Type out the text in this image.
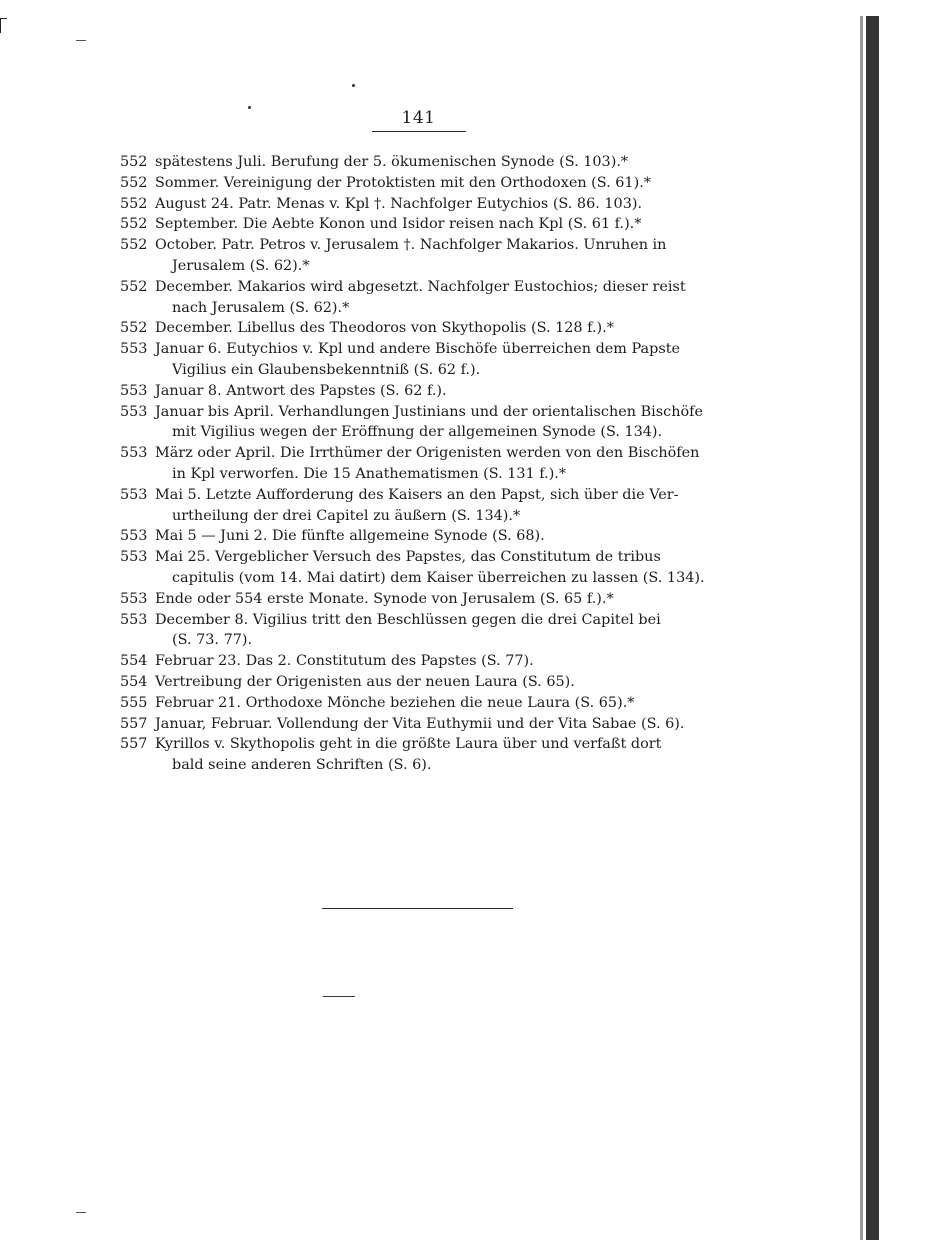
141
552 spätestens Juli. Berufung der 5. ökumenischen Synode (S. 103).*
552 Sommer. Vereinigung der Protoktisten mit den Orthodoxen (S. 61).*
552 August 24. Patr. Menas v. Kpl †. Nachfolger Eutychios (S. 86. 103).
552 September. Die Aebte Konon und Isidor reisen nach Kpl (S. 61 f.).*
552 October. Patr. Petros v. Jerusalem †. Nachfolger Makarios. Unruhen in
Jerusalem (S. 62).*
552 December. Makarios wird abgesetzt. Nachfolger Eustochios; dieser reist
nach Jerusalem (S. 62).*
552 December. Libellus des Theodoros von Skythopolis (S. 128 f.).*
553 Januar 6. Eutychios v. Kpl und andere Bischöfe überreichen dem Papste
Vigilius ein Glaubensbekenntniß (S. 62 f.).
553 Januar 8. Antwort des Papstes (S. 62 f.).
553 Januar bis April. Verhandlungen Justinians und der orientalischen Bischöfe
mit Vigilius wegen der Eröffnung der allgemeinen Synode (S. 134).
553 März oder April. Die Irrthümer der Origenisten werden von den Bischöfen
in Kpl verworfen. Die 15 Anathematismen (S. 131 f.).*
553 Mai 5. Letzte Aufforderung des Kaisers an den Papst, sich über die Ver-
urtheilung der drei Capitel zu äußern (S. 134).*
553 Mai 5 — Juni 2. Die fünfte allgemeine Synode (S. 68).
553 Mai 25. Vergeblicher Versuch des Papstes, das Constitutum de tribus
capitulis (vom 14. Mai datirt) dem Kaiser überreichen zu lassen (S. 134).
553 Ende oder 554 erste Monate. Synode von Jerusalem (S. 65 f.).*
553 December 8. Vigilius tritt den Beschlüssen gegen die drei Capitel bei
(S. 73. 77).
554 Februar 23. Das 2. Constitutum des Papstes (S. 77).
554 Vertreibung der Origenisten aus der neuen Laura (S. 65).
555 Februar 21. Orthodoxe Mönche beziehen die neue Laura (S. 65).*
557 Januar, Februar. Vollendung der Vita Euthymii und der Vita Sabae (S. 6).
557 Kyrillos v. Skythopolis geht in die größte Laura über und verfaßt dort
bald seine anderen Schriften (S. 6).
